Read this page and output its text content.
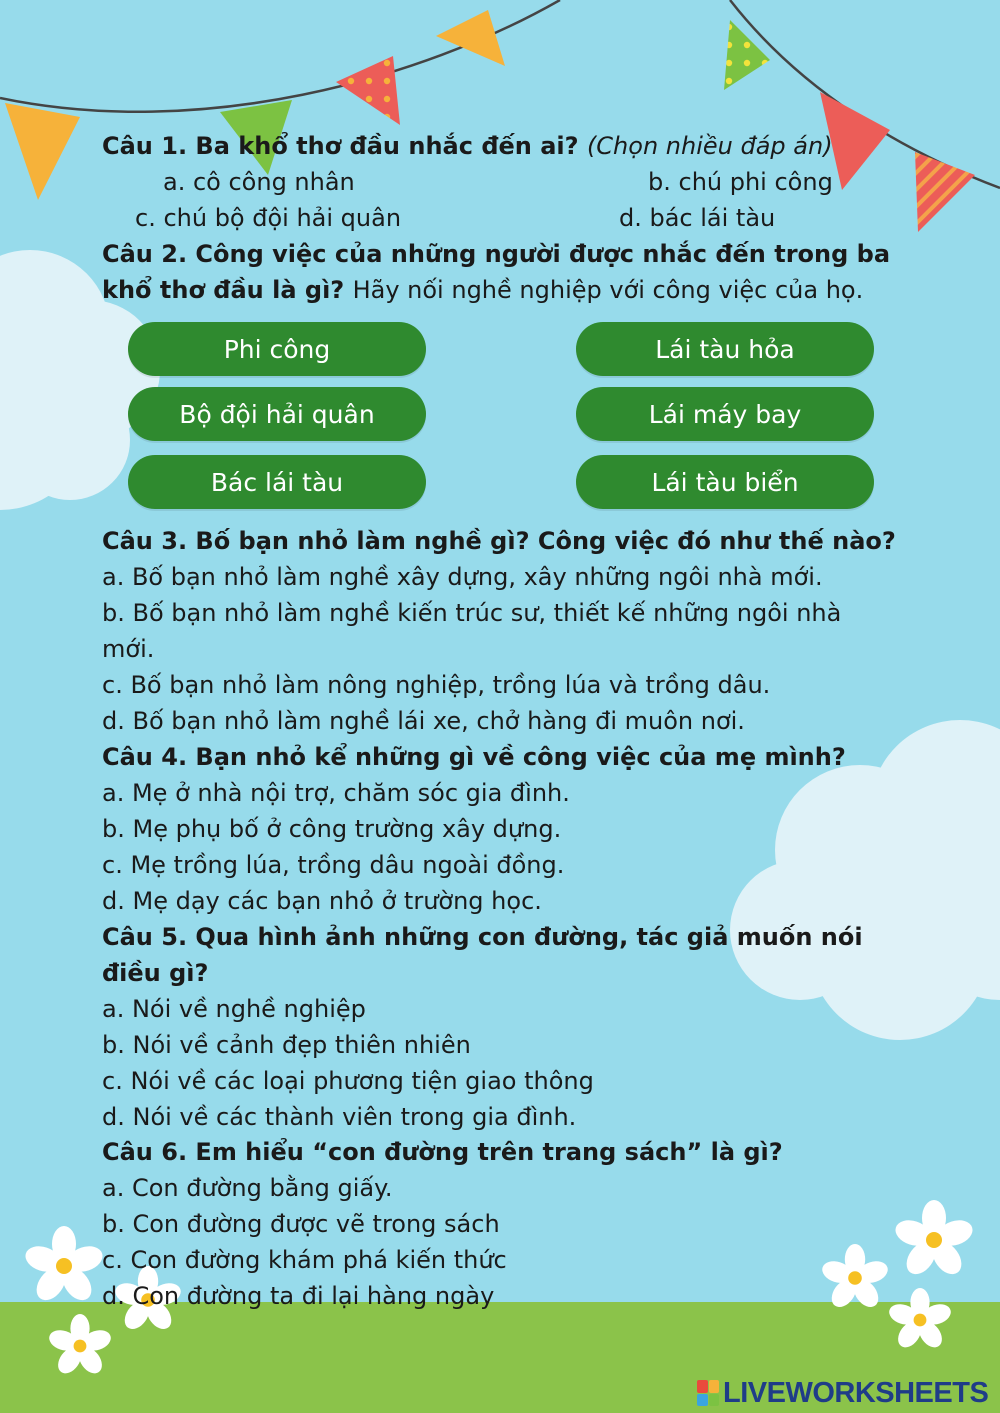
Câu 1. Ba khổ thơ đầu nhắc đến ai? (Chọn nhiều đáp án)
a. cô công nhân	b. chú phi công
c. chú bộ đội hải quân	d. bác lái tàu
Câu 2. Công việc của những người được nhắc đến trong ba
khổ thơ đầu là gì? Hãy nối nghề nghiệp với công việc của họ.
Phi công
Bộ đội hải quân
Bác lái tàu
Lái tàu hỏa
Lái máy bay
Lái tàu biển
Câu 3. Bố bạn nhỏ làm nghề gì? Công việc đó như thế nào?
a. Bố bạn nhỏ làm nghề xây dựng, xây những ngôi nhà mới.
b. Bố bạn nhỏ làm nghề kiến trúc sư, thiết kế những ngôi nhà
mới.
c. Bố bạn nhỏ làm nông nghiệp, trồng lúa và trồng dâu.
d. Bố bạn nhỏ làm nghề lái xe, chở hàng đi muôn nơi.
Câu 4. Bạn nhỏ kể những gì về công việc của mẹ mình?
a. Mẹ ở nhà nội trợ, chăm sóc gia đình.
b. Mẹ phụ bố ở công trường xây dựng.
c. Mẹ trồng lúa, trồng dâu ngoài đồng.
d. Mẹ dạy các bạn nhỏ ở trường học.
Câu 5. Qua hình ảnh những con đường, tác giả muốn nói
điều gì?
a. Nói về nghề nghiệp
b. Nói về cảnh đẹp thiên nhiên
c. Nói về các loại phương tiện giao thông
d. Nói về các thành viên trong gia đình.
Câu 6. Em hiểu “con đường trên trang sách” là gì?
a. Con đường bằng giấy.
b. Con đường được vẽ trong sách
c. Con đường khám phá kiến thức
d. Con đường ta đi lại hàng ngày
LIVEWORKSHEETS
